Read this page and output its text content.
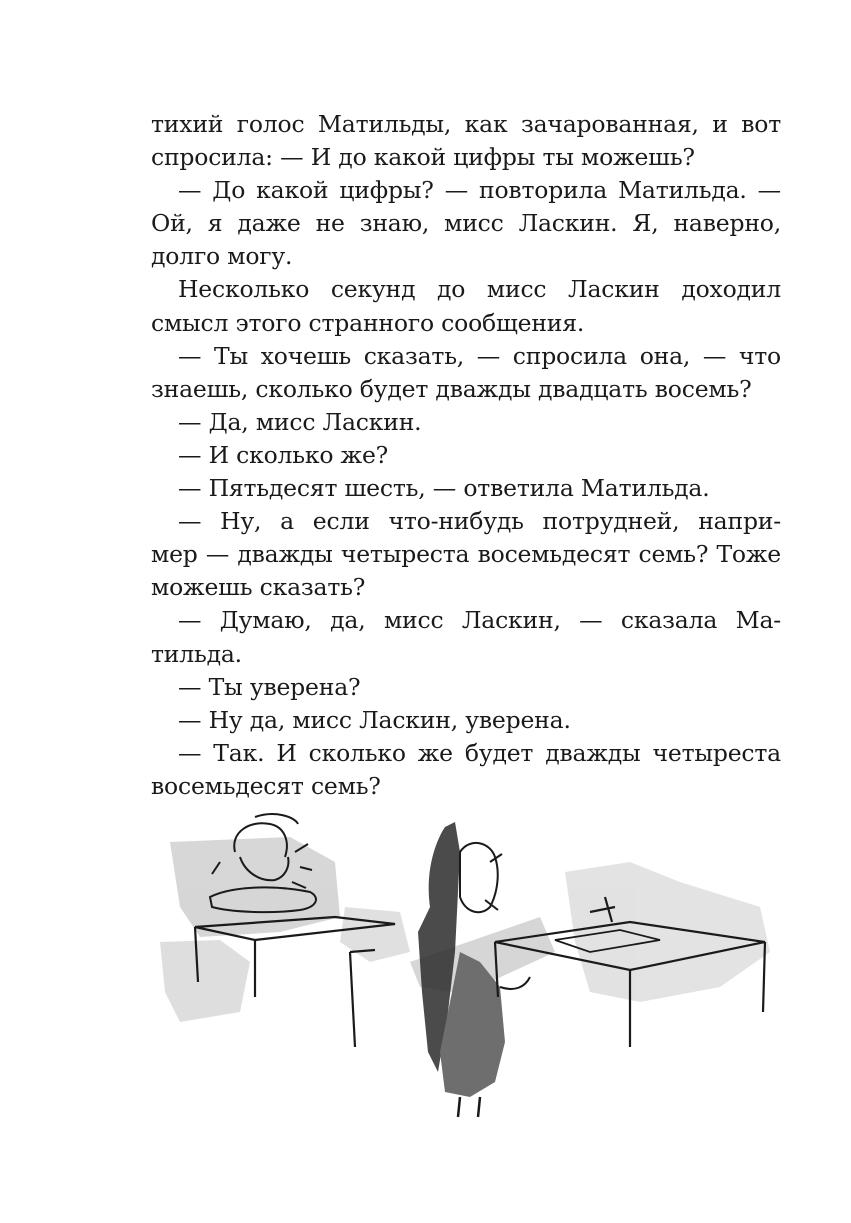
тихий голос Матильды, как зачарованная, и вот
спросила: — И до какой цифры ты можешь?
— До какой цифры? — повторила Матильда. —
Ой, я даже не знаю, мисс Ласкин. Я, наверно,
долго могу.
Несколько секунд до мисс Ласкин доходил
смысл этого странного сообщения.
— Ты хочешь сказать, — спросила она, — что
знаешь, сколько будет дважды двадцать восемь?
— Да, мисс Ласкин.
— И сколько же?
— Пятьдесят шесть, — ответила Матильда.
— Ну, а если что-нибудь потрудней, напри-
мер — дважды четыреста восемьдесят семь? Тоже
можешь сказать?
— Думаю, да, мисс Ласкин, — сказала Ма-
тильда.
— Ты уверена?
— Ну да, мисс Ласкин, уверена.
— Так. И сколько же будет дважды четыреста
восемьдесят семь?
